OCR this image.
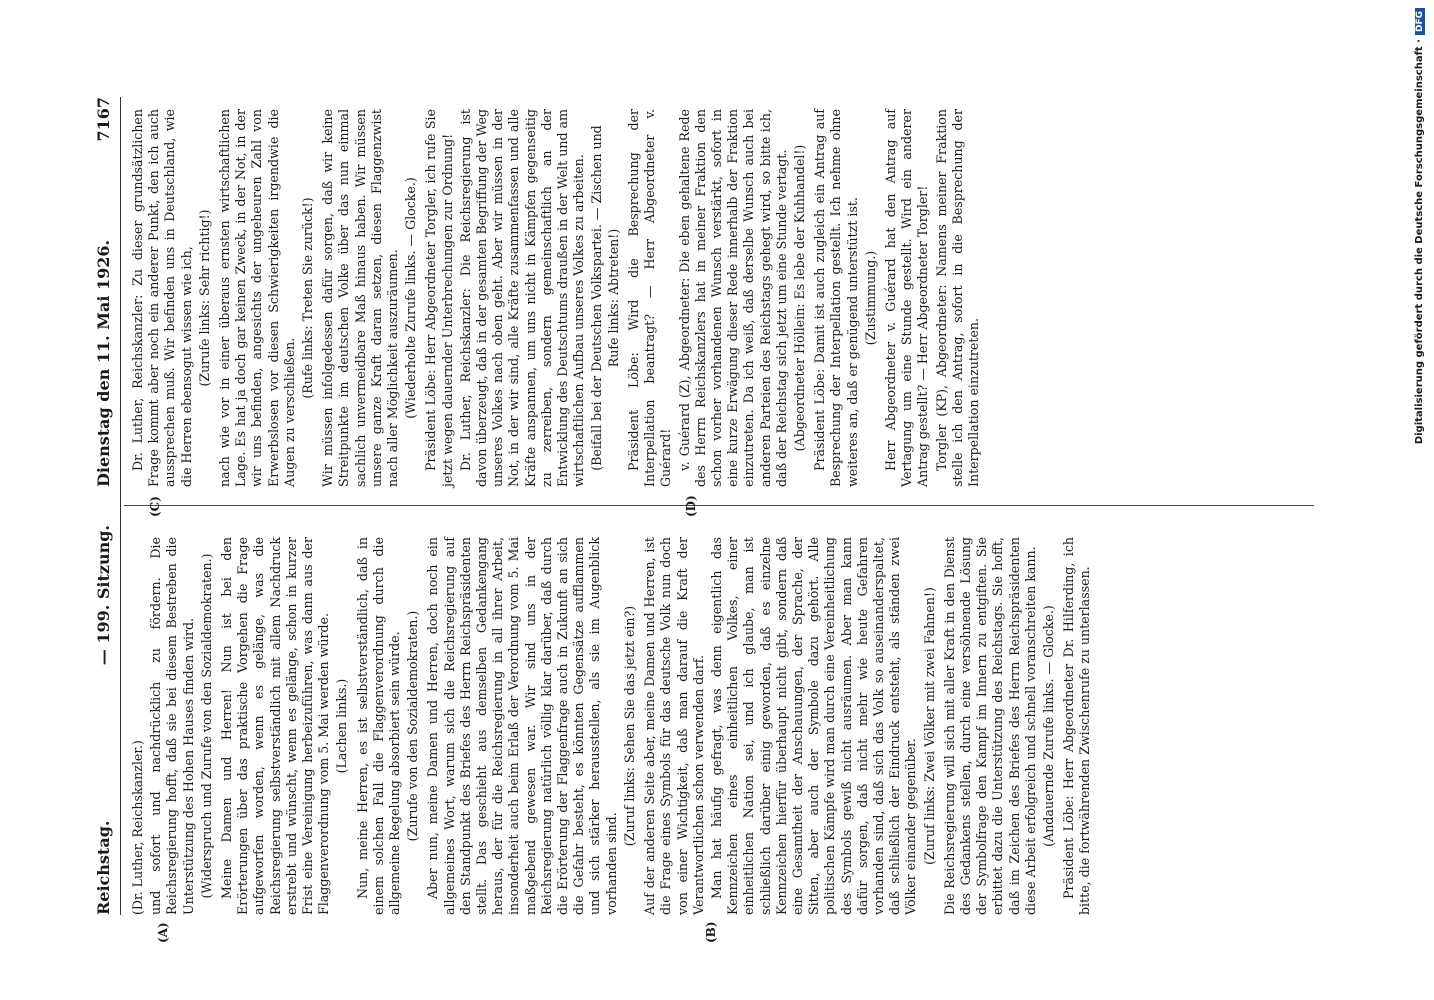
Reichstag.
— 199. Sitzung.
Dienstag den 11. Mai 1926.
7167
(A)	(B)
(C)	(D)

(Dr. Luther, Reichskanzler.) und sofort und nachdrücklich zu fördern. Die Reichsregierung hofft, daß sie bei diesem Bestreben die Unterstützung des Hohen Hauses finden wird. (Widerspruch und Zurufe von den Sozialdemokraten.) Meine Damen und Herren! Nun ist bei den Erörterungen über das praktische Vorgehen die Frage aufgeworfen worden, wenn es gelänge, was die Reichsregierung selbstverständlich mit allem Nachdruck erstrebt und wünscht, wenn es gelänge, schon in kurzer Frist eine Vereinigung herbeizuführen, was dann aus der Flaggenverordnung vom 5. Mai werden würde. (Lachen links.) Nun, meine Herren, es ist selbstverständlich, daß in einem solchen Fall die Flaggenverordnung durch die allgemeine Regelung absorbiert sein würde. (Zurufe von den Sozialdemokraten.) Aber nun, meine Damen und Herren, doch noch ein allgemeines Wort, warum sich die Reichsregierung auf den Standpunkt des Briefes des Herrn Reichspräsidenten stellt. Das geschieht aus demselben Gedankengang heraus, der für die Reichsregierung in all ihrer Arbeit, insonderheit auch beim Erlaß der Verordnung vom 5. Mai maßgebend gewesen war. Wir sind uns in der Reichsregierung natürlich völlig klar darüber, daß durch die Erörterung der Flaggenfrage auch in Zukunft an sich die Gefahr besteht, es könnten Gegensätze aufflammen und sich stärker herausstellen, als sie im Augenblick vorhanden sind.

(Zuruf links: Sehen Sie das jetzt ein?) Auf der anderen Seite aber, meine Damen und Herren, ist die Frage eines Symbols für das deutsche Volk nun doch von einer Wichtigkeit, daß man darauf die Kraft der Verantwortlichen schon verwenden darf. Man hat häufig gefragt, was denn eigentlich das Kennzeichen eines einheitlichen Volkes, einer einheitlichen Nation sei, und ich glaube, man ist schließlich darüber einig geworden, daß es einzelne Kennzeichen hierfür überhaupt nicht gibt, sondern daß eine Gesamtheit der Anschauungen, der Sprache, der Sitten, aber auch der Symbole dazu gehört. Alle politischen Kämpfe wird man durch eine Vereinheitlichung des Symbols gewiß nicht ausräumen. Aber man kann dafür sorgen, daß nicht mehr wie heute Gefahren vorhanden sind, daß sich das Volk so auseinanderspaltet, daß schließlich der Eindruck entsteht, als ständen zwei Völker einander gegenüber. (Zuruf links: Zwei Völker mit zwei Fahnen!) Die Reichsregierung will sich mit aller Kraft in den Dienst des Gedankens stellen, durch eine versöhnende Lösung der Symbolfrage den Kampf im Innern zu entgiften. Sie erbittet dazu die Unterstützung des Reichstags. Sie hofft, daß im Zeichen des Briefes des Herrn Reichspräsidenten diese Arbeit erfolgreich und schnell voranschreiten kann. (Andauernde Zurufe links. — Glocke.) Präsident Löbe: Herr Abgeordneter Dr. Hilferding, ich bitte, die fortwährenden Zwischenrufe zu unterlassen.

Dr. Luther, Reichskanzler: Zu dieser grundsätzlichen Frage kommt aber noch ein anderer Punkt, den ich auch aussprechen muß. Wir befinden uns in Deutschland, wie die Herren ebensogut wissen wie ich, (Zurufe links: Sehr richtig!) nach wie vor in einer überaus ernsten wirtschaftlichen Lage. Es hat ja doch gar keinen Zweck, in der Not, in der wir uns befinden, angesichts der ungeheuren Zahl von Erwerbslosen vor diesen Schwierigkeiten irgendwie die Augen zu verschließen.

(Rufe links: Treten Sie zurück!) Wir müssen infolgedessen dafür sorgen, daß wir keine Streitpunkte im deutschen Volke über das nun einmal sachlich unvermeidbare Maß hinaus haben. Wir müssen unsere ganze Kraft daran setzen, diesen Flaggenzwist nach aller Möglichkeit auszuräumen. (Wiederholte Zurufe links. — Glocke.) Präsident Löbe: Herr Abgeordneter Torgler, ich rufe Sie jetzt wegen dauernder Unterbrechungen zur Ordnung! Dr. Luther, Reichskanzler: Die Reichsregierung ist davon überzeugt, daß in der gesamten Begriffung der Weg unseres Volkes nach oben geht. Aber wir müssen in der Not, in der wir sind, alle Kräfte zusammenfassen und alle Kräfte anspannen, um uns nicht in Kämpfen gegenseitig zu zerreiben, sondern gemeinschaftlich an der Entwicklung des Deutschtums draußen in der Welt und am wirtschaftlichen Aufbau unseres Volkes zu arbeiten. (Beifall bei der Deutschen Volkspartei. — Zischen und Rufe links: Abtreten!) Präsident Löbe: Wird die Besprechung der Interpellation beantragt? — Herr Abgeordneter v. Guérard! v. Guérard (Z), Abgeordneter: Die eben gehaltene Rede des Herrn Reichskanzlers hat in meiner Fraktion den schon vorher vorhandenen Wunsch verstärkt, sofort in eine kurze Erwägung dieser Rede innerhalb der Fraktion einzutreten. Da ich weiß, daß derselbe Wunsch auch bei anderen Parteien des Reichstags gehegt wird, so bitte ich, daß der Reichstag sich jetzt um eine Stunde vertagt. (Abgeordneter Höllein: Es lebe der Kuhhandel!) Präsident Löbe: Damit ist auch zugleich ein Antrag auf Besprechung der Interpellation gestellt. Ich nehme ohne weiteres an, daß er genügend unterstützt ist. (Zustimmung.) Herr Abgeordneter v. Guérard hat den Antrag auf Vertagung um eine Stunde gestellt. Wird ein anderer Antrag gestellt? — Herr Abgeordneter Torgler! Torgler (KP), Abgeordneter: Namens meiner Fraktion stelle ich den Antrag, sofort in die Besprechung der Interpellation einzutreten.	Digitalisierung gefördert durch die Deutsche Forschungsgemeinschaft ·DFG
